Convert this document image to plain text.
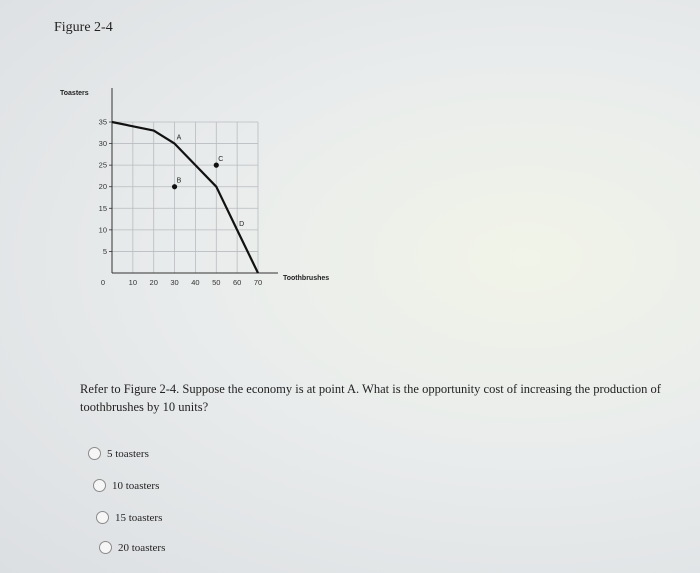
Figure 2-4
0	10 20 30 40 50 60 70
5
10
15
20
25
30
35
A
B
C
D
Toasters
Toothbrushes
Refer to Figure 2-4. Suppose the economy is at point A. What is the opportunity cost of increasing the production of toothbrushes by 10 units?
5 toasters
10 toasters
15 toasters
20 toasters
